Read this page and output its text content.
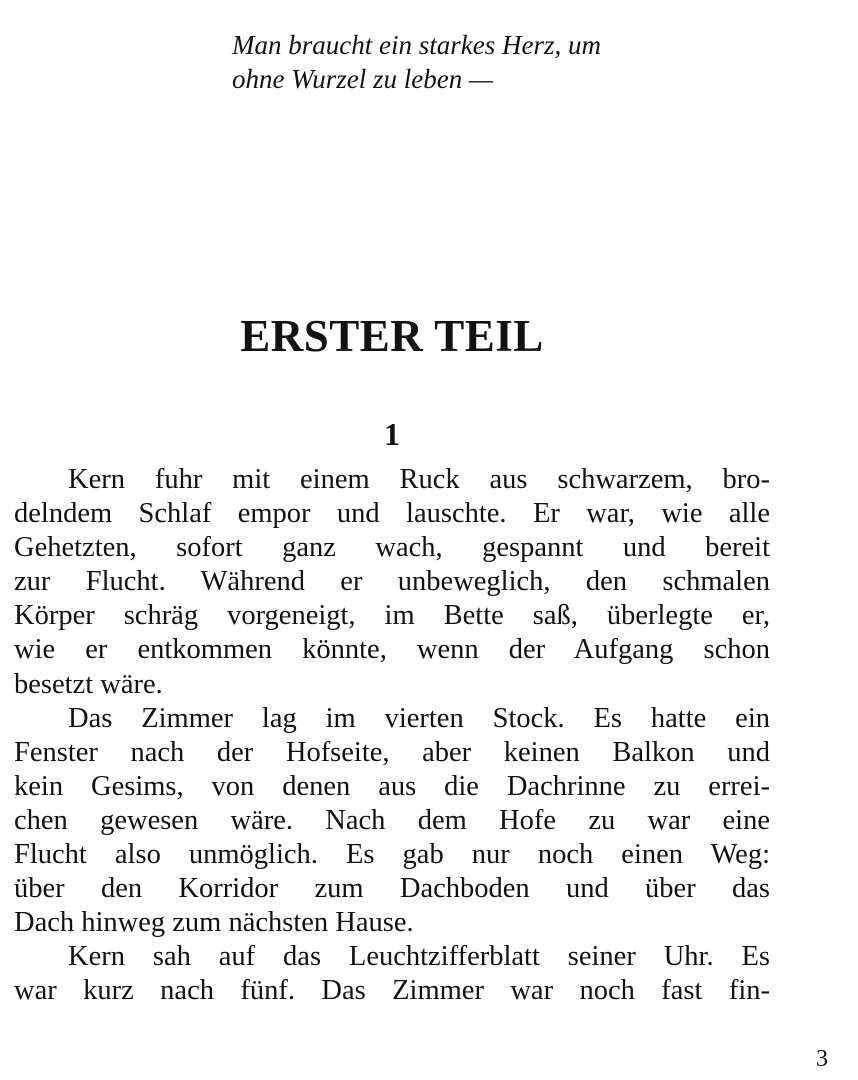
Man braucht ein starkes Herz, um
ohne Wurzel zu leben —
ERSTER TEIL
1
Kern fuhr mit einem Ruck aus schwarzem, bro-
delndem Schlaf empor und lauschte. Er war, wie alle
Gehetzten, sofort ganz wach, gespannt und bereit
zur Flucht. Während er unbeweglich, den schmalen
Körper schräg vorgeneigt, im Bette saß, überlegte er,
wie er entkommen könnte, wenn der Aufgang schon
besetzt wäre.
Das Zimmer lag im vierten Stock. Es hatte ein
Fenster nach der Hofseite, aber keinen Balkon und
kein Gesims, von denen aus die Dachrinne zu errei-
chen gewesen wäre. Nach dem Hofe zu war eine
Flucht also unmöglich. Es gab nur noch einen Weg:
über den Korridor zum Dachboden und über das
Dach hinweg zum nächsten Hause.
Kern sah auf das Leuchtzifferblatt seiner Uhr. Es
war kurz nach fünf. Das Zimmer war noch fast fin-
3
